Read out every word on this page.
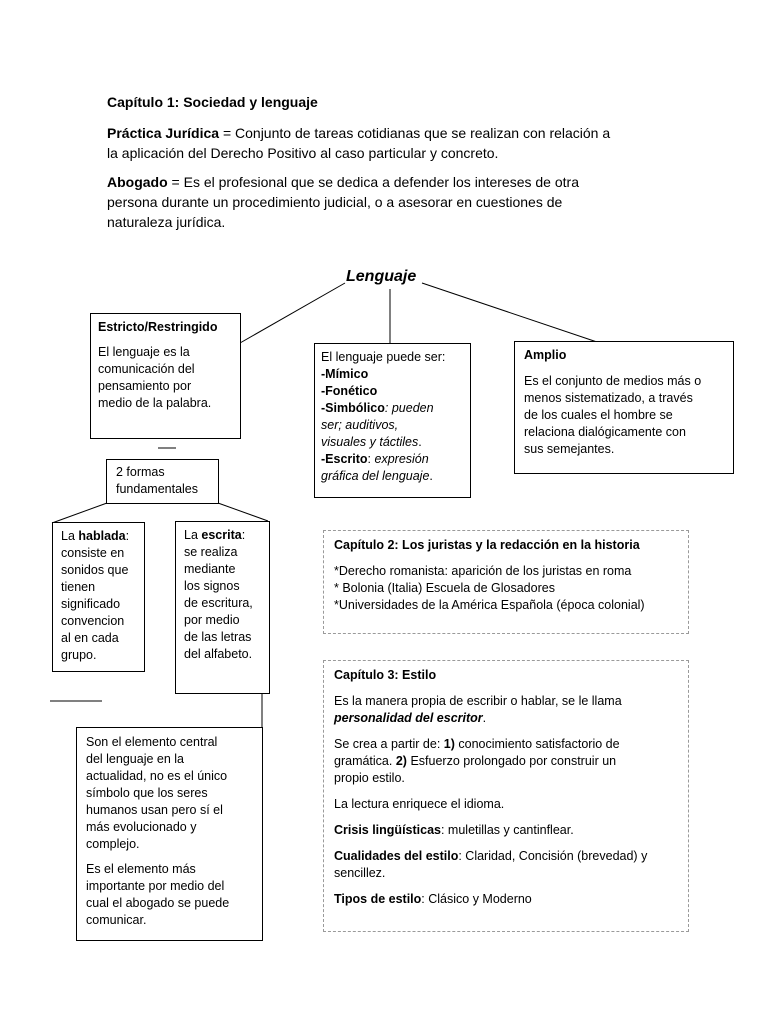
Capítulo 1: Sociedad y lenguaje

Práctica Jurídica = Conjunto de tareas cotidianas que se realizan con relación a
la aplicación del Derecho Positivo al caso particular y concreto.

Abogado = Es el profesional que se dedica a defender los intereses de otra
persona durante un procedimiento judicial, o a asesorar en cuestiones de
naturaleza jurídica.

Lenguaje

Estricto/Restringido

El lenguaje es la
comunicación del
pensamiento por
medio de la palabra.

El lenguaje puede ser:
-Mímico
-Fonético
-Simbólico: pueden
ser; auditivos,
visuales y táctiles.
-Escrito: expresión
gráfica del lenguaje.

Amplio

Es el conjunto de medios más o
menos sistematizado, a través
de los cuales el hombre se
relaciona dialógicamente con
sus semejantes.

2 formas
fundamentales

La hablada:
consiste en
sonidos que
tienen
significado
convencion
al en cada
grupo.

La escrita:
se realiza
mediante
los signos
de escritura,
por medio
de las letras
del alfabeto.

Son el elemento central
del lenguaje en la
actualidad, no es el único
símbolo que los seres
humanos usan pero sí el
más evolucionado y
complejo.

Es el elemento más
importante por medio del
cual el abogado se puede
comunicar.

Capítulo 2: Los juristas y la redacción en la historia

*Derecho romanista: aparición de los juristas en roma
* Bolonia (Italia) Escuela de Glosadores
*Universidades de la América Española (época colonial)

Capítulo 3: Estilo

Es la manera propia de escribir o hablar, se le llama
personalidad del escritor.

Se crea a partir de: 1) conocimiento satisfactorio de
gramática. 2) Esfuerzo prolongado por construir un
propio estilo.

La lectura enriquece el idioma.

Crisis lingüísticas: muletillas y cantinflear.

Cualidades del estilo: Claridad, Concisión (brevedad) y
sencillez.

Tipos de estilo: Clásico y Moderno
